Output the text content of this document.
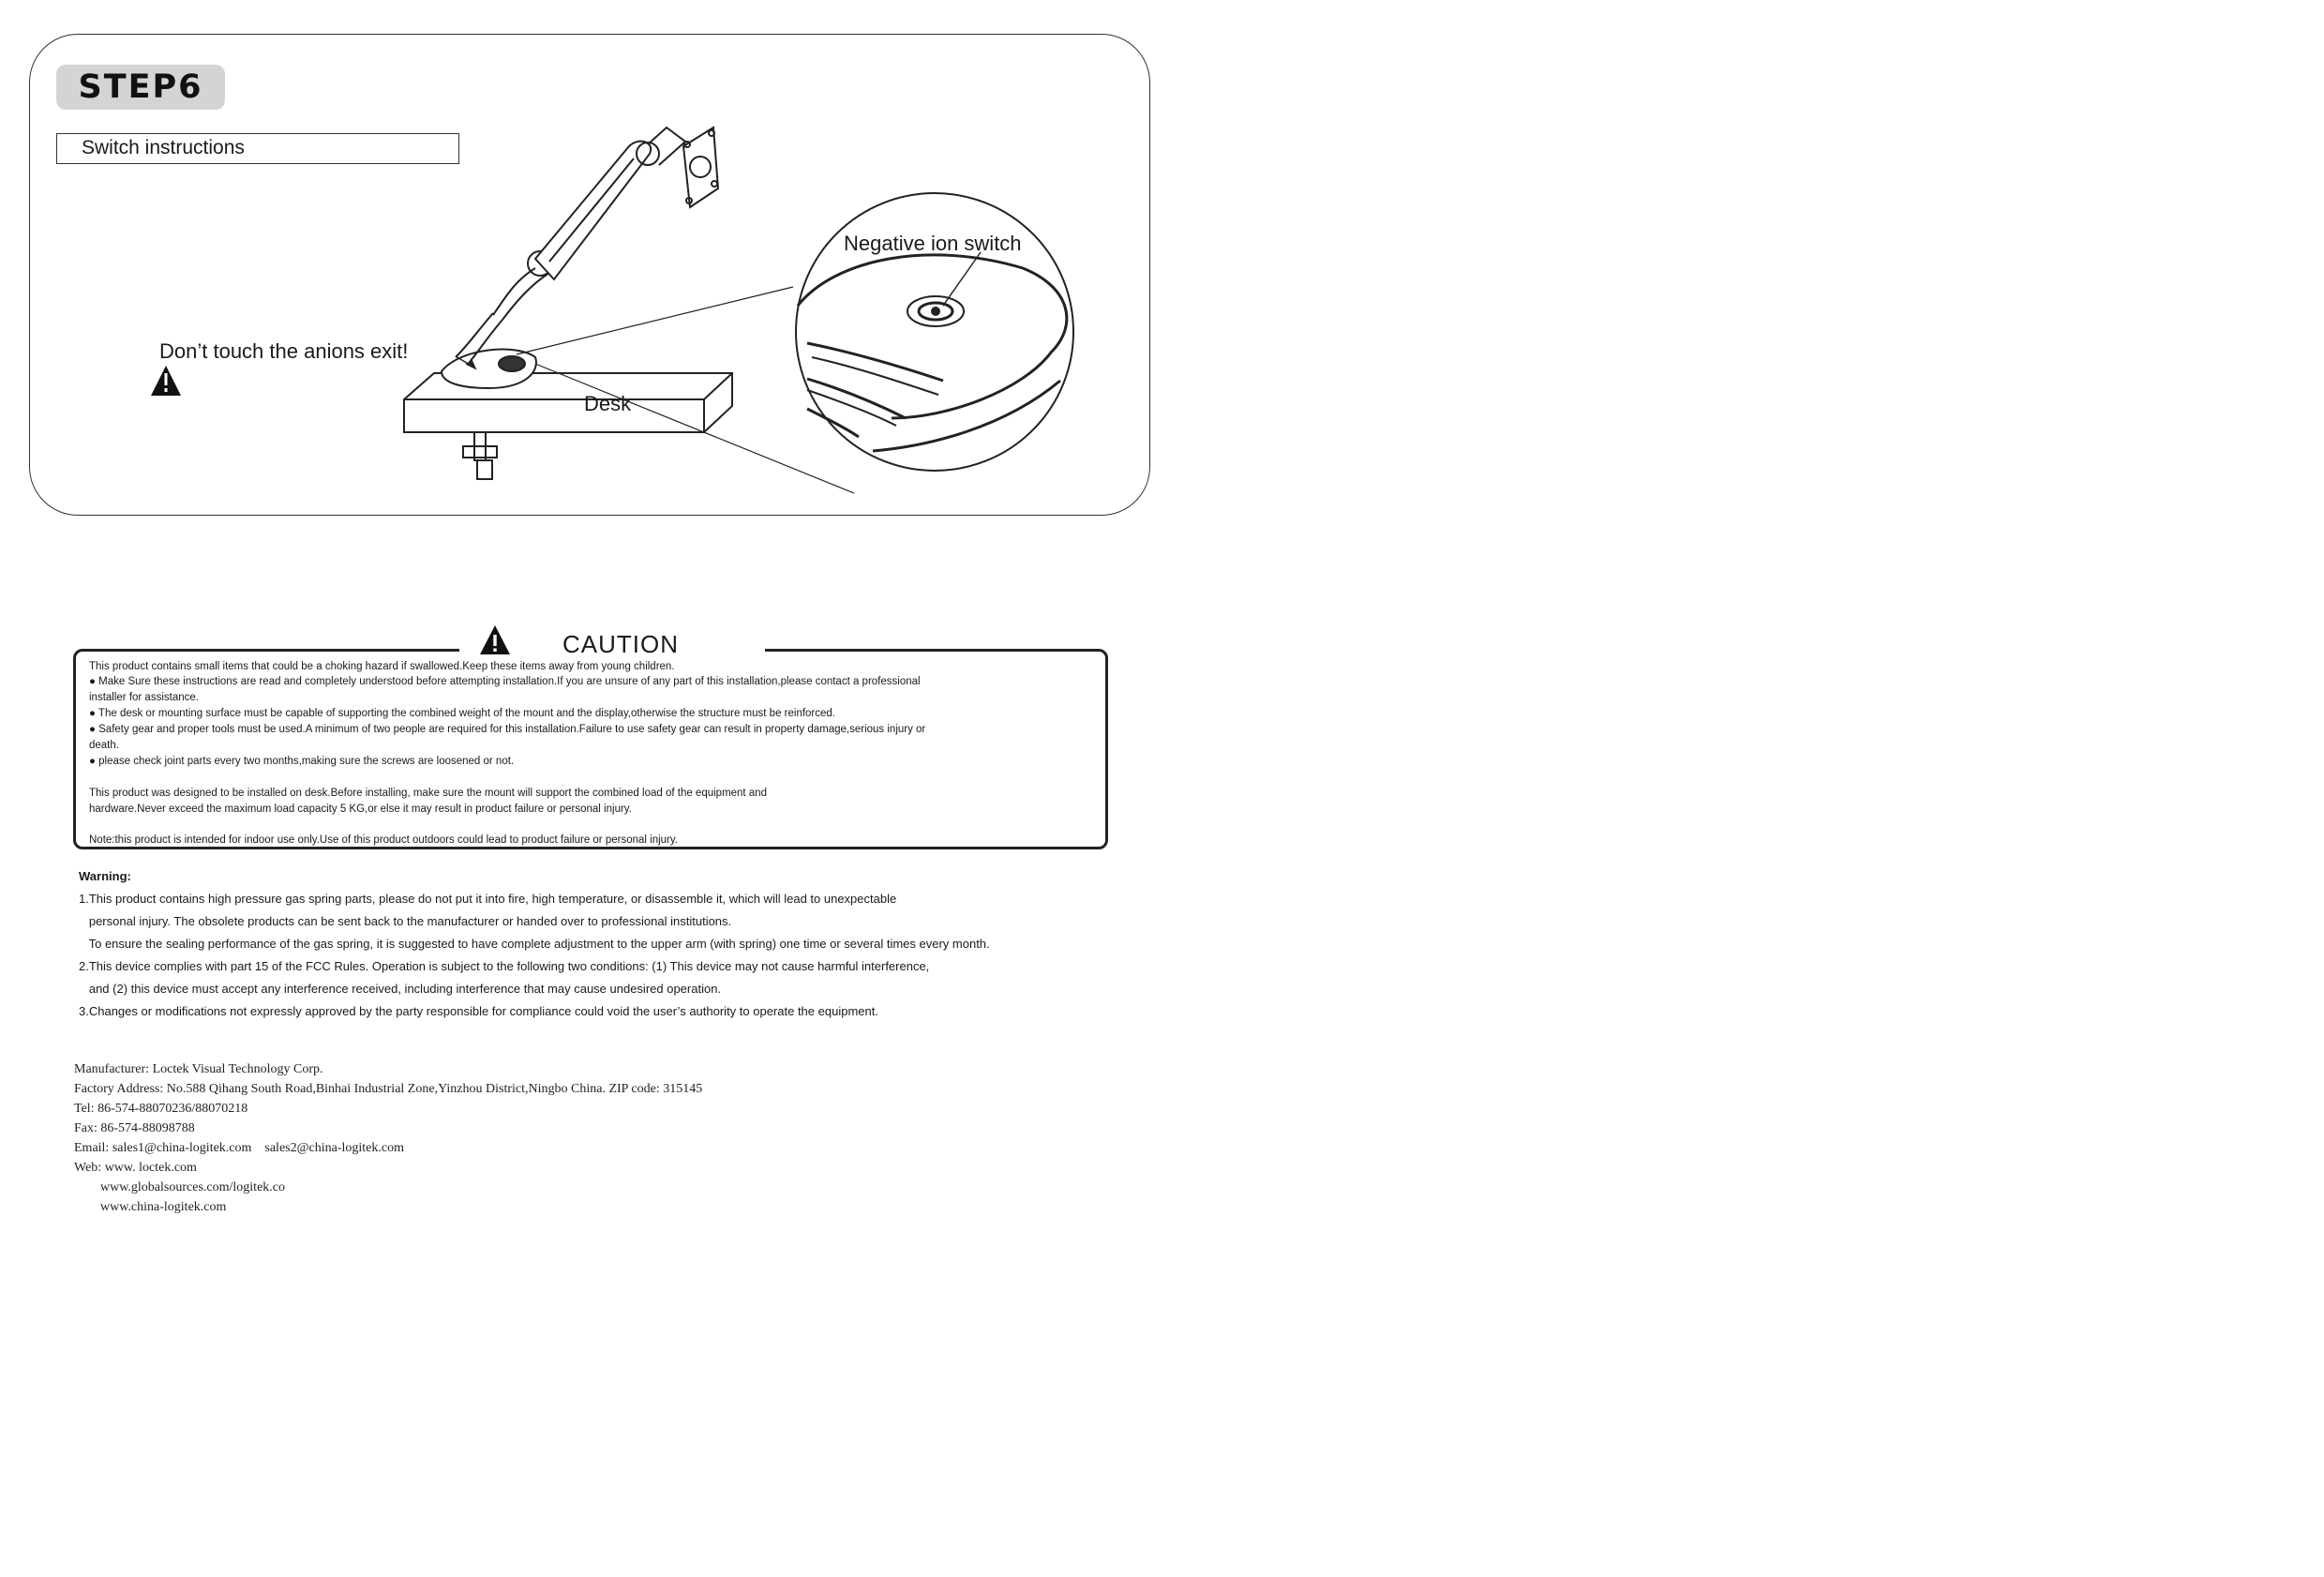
STEP6
Switch instructions
Don’t touch the anions exit!
Desk
Negative ion switch
CAUTION
This product contains small items that could be a choking hazard if swallowed.Keep these items away from young children.
● Make Sure these instructions are read and completely understood before attempting installation.If you are unsure of any part of this installation,please contact a professional
installer for assistance.
● The desk or mounting surface must be capable of supporting the combined weight of the mount and the display,otherwise the structure must be reinforced.
● Safety gear and proper tools must be used.A minimum of two people are required for this installation.Failure to use safety gear can result in property damage,serious injury or
death.
● please check joint parts every two months,making sure the screws are loosened or not.
This product was designed to be installed on desk.Before installing, make sure the mount will support the combined load of the equipment and
hardware.Never exceed the maximum load capacity 5 KG,or else it may result in product failure or personal injury.
Note:this product is intended for indoor use only.Use of this product outdoors could lead to product failure or personal injury.
Warning:
1.This product contains high pressure gas spring parts, please do not put it into fire, high temperature, or disassemble it, which will lead to unexpectable
personal injury. The obsolete products can be sent back to the manufacturer or handed over to professional institutions.
To ensure the sealing performance of the gas spring, it is suggested to have complete adjustment to the upper arm (with spring) one time or several times every month.
2.This device complies with part 15 of the FCC Rules. Operation is subject to the following two conditions: (1) This device may not cause harmful interference,
and (2) this device must accept any interference received, including interference that may cause undesired operation.
3.Changes or modifications not expressly approved by the party responsible for compliance could void the user’s authority to operate the equipment.
Manufacturer: Loctek Visual Technology Corp.
Factory Address: No.588 Qihang South Road,Binhai Industrial Zone,Yinzhou District,Ningbo China. ZIP code: 315145
Tel: 86-574-88070236/88070218
Fax: 86-574-88098788
Email: sales1@china-logitek.com    sales2@china-logitek.com
Web: www. loctek.com
www.globalsources.com/logitek.co
www.china-logitek.com
